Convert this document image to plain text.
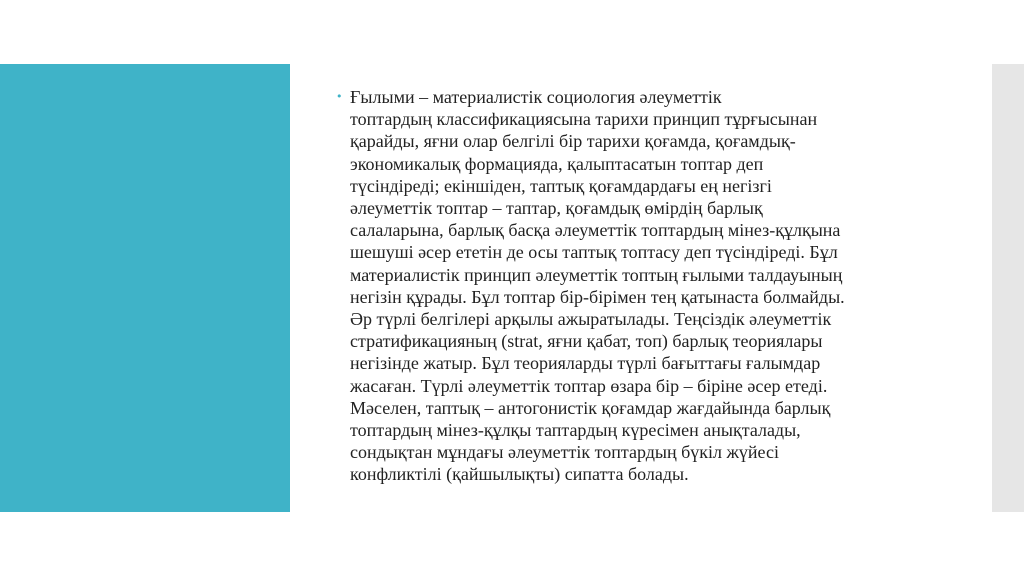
• Ғылыми – материалистік социология әлеуметтік
топтардың классификациясына тарихи принцип тұрғысынан
қарайды, яғни олар белгілі бір тарихи қоғамда, қоғамдық-
экономикалық формацияда, қалыптасатын топтар деп
түсіндіреді; екіншіден, таптық қоғамдардағы ең негізгі
әлеуметтік топтар – таптар, қоғамдық өмірдің барлық
салаларына, барлық басқа әлеуметтік топтардың мінез-құлқына
шешуші әсер ететін де осы таптық топтасу деп түсіндіреді. Бұл
материалистік принцип әлеуметтік топтың ғылыми талдауының
негізін құрады. Бұл топтар бір-бірімен тең қатынаста болмайды.
Әр түрлі белгілері арқылы ажыратылады. Теңсіздік әлеуметтік
стратификацияның (strat, яғни қабат, топ) барлық теориялары
негізінде жатыр. Бұл теорияларды түрлі бағыттағы ғалымдар
жасаған. Түрлі әлеуметтік топтар өзара бір – біріне әсер етеді.
Мәселен, таптық – антогонистік қоғамдар жағдайында барлық
топтардың мінез-құлқы таптардың күресімен анықталады,
сондықтан мұндағы әлеуметтік топтардың бүкіл жүйесі
конфликтілі (қайшылықты) сипатта болады.
